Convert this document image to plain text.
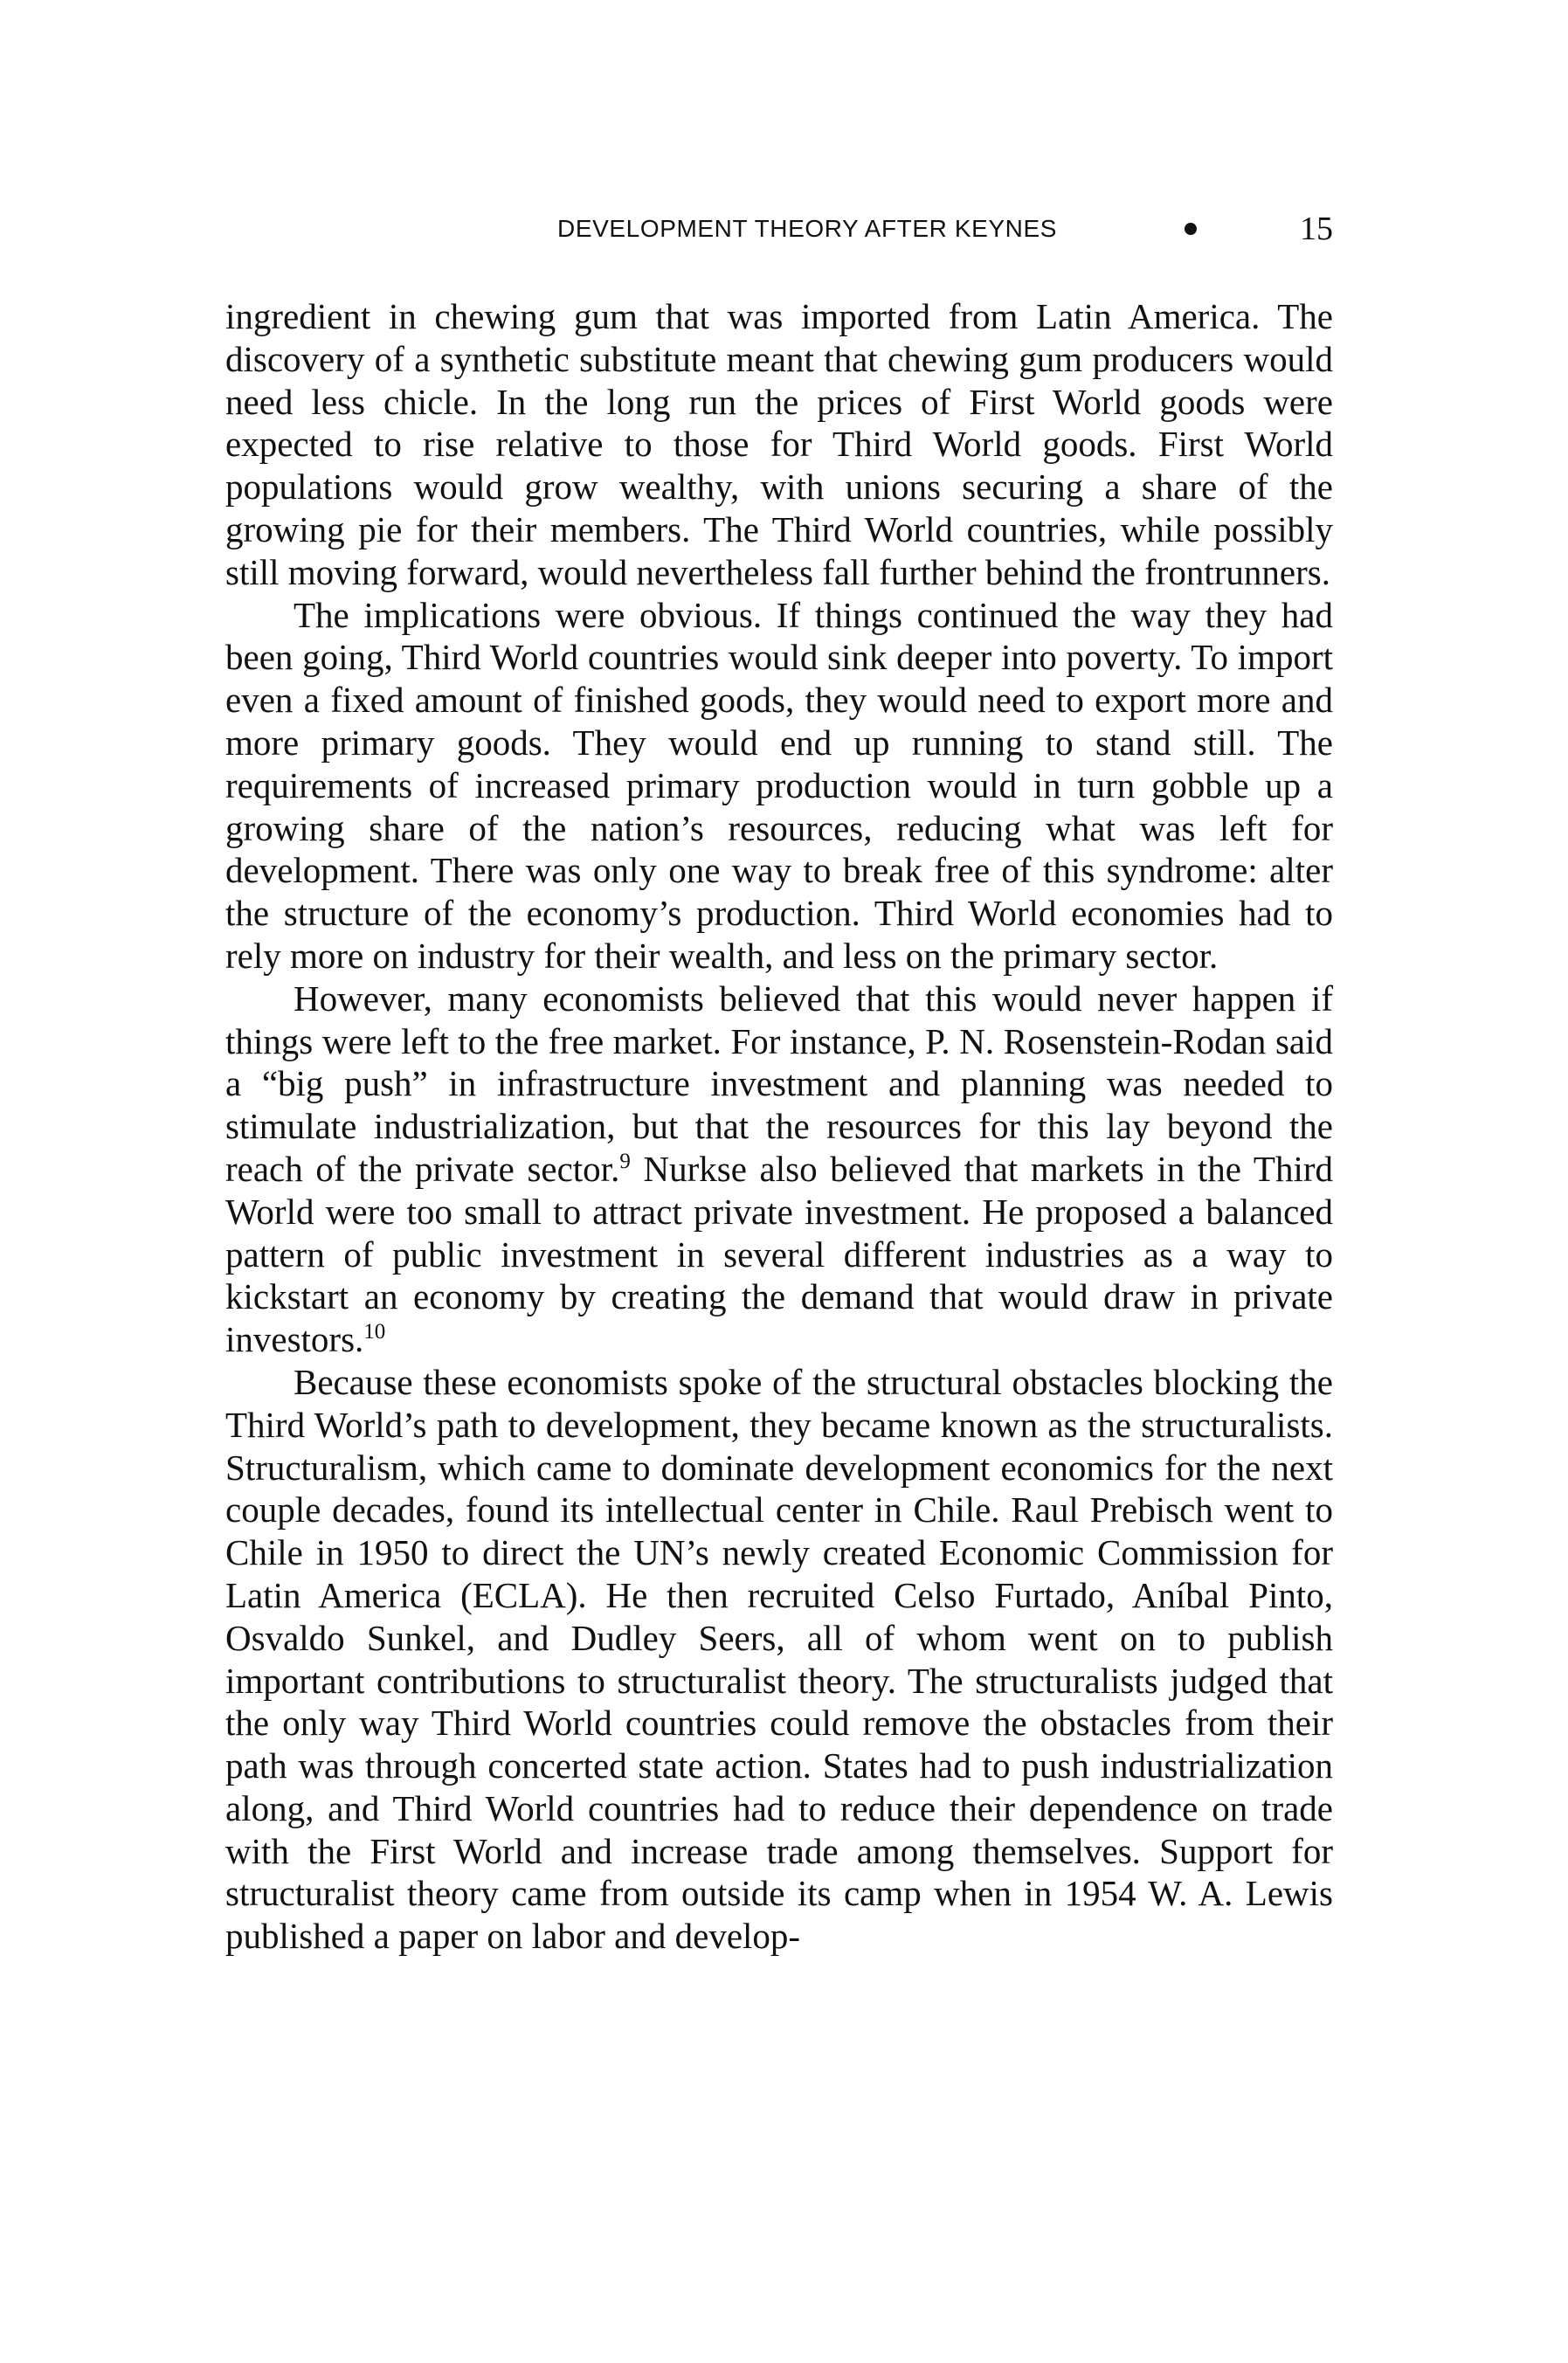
DEVELOPMENT THEORY AFTER KEYNES	15

ingredient in chewing gum that was imported from Latin America. The discovery of a synthetic substitute meant that chewing gum producers would need less chicle. In the long run the prices of First World goods were expected to rise relative to those for Third World goods. First World populations would grow wealthy, with unions securing a share of the growing pie for their members. The Third World countries, while possibly still moving forward, would nevertheless fall further behind the frontrunners.

The implications were obvious. If things continued the way they had been going, Third World countries would sink deeper into poverty. To import even a fixed amount of finished goods, they would need to export more and more primary goods. They would end up running to stand still. The requirements of increased primary production would in turn gobble up a growing share of the nation’s resources, reducing what was left for development. There was only one way to break free of this syndrome: alter the structure of the economy’s production. Third World economies had to rely more on industry for their wealth, and less on the primary sector.

However, many economists believed that this would never happen if things were left to the free market. For instance, P. N. Rosenstein-Rodan said a “big push” in infrastructure investment and planning was needed to stimulate industrialization, but that the resources for this lay beyond the reach of the private sector.$^9$ Nurkse also believed that markets in the Third World were too small to attract private investment. He proposed a balanced pattern of public investment in several different industries as a way to kickstart an economy by creating the demand that would draw in private investors.$^{10}$

Because these economists spoke of the structural obstacles blocking the Third World’s path to development, they became known as the structuralists. Structuralism, which came to dominate development economics for the next couple decades, found its intellectual center in Chile. Raul Prebisch went to Chile in 1950 to direct the UN’s newly created Economic Commission for Latin America (ECLA). He then recruited Celso Furtado, Aníbal Pinto, Osvaldo Sunkel, and Dudley Seers, all of whom went on to publish important contributions to structuralist theory. The structuralists judged that the only way Third World countries could remove the obstacles from their path was through concerted state action. States had to push industrialization along, and Third World countries had to reduce their dependence on trade with the First World and increase trade among themselves. Support for structuralist theory came from outside its camp when in 1954 W. A. Lewis published a paper on labor and develop-
